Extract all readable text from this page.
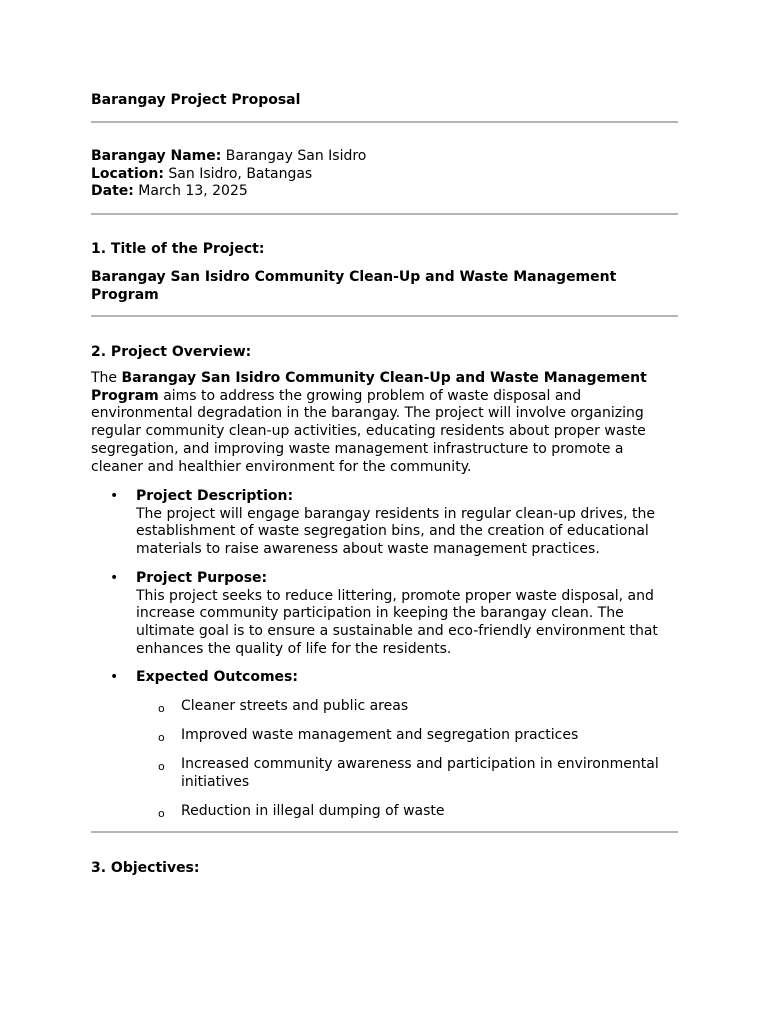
Barangay Project Proposal
Barangay Name: Barangay San Isidro
Location: San Isidro, Batangas
Date: March 13, 2025
1. Title of the Project:
Barangay San Isidro Community Clean-Up and Waste Management Program
2. Project Overview:
The Barangay San Isidro Community Clean-Up and Waste Management Program aims to address the growing problem of waste disposal and environmental degradation in the barangay. The project will involve organizing regular community clean-up activities, educating residents about proper waste segregation, and improving waste management infrastructure to promote a cleaner and healthier environment for the community.
• Project Description:
The project will engage barangay residents in regular clean-up drives, the establishment of waste segregation bins, and the creation of educational materials to raise awareness about waste management practices.
• Project Purpose:
This project seeks to reduce littering, promote proper waste disposal, and increase community participation in keeping the barangay clean. The ultimate goal is to ensure a sustainable and eco-friendly environment that enhances the quality of life for the residents.
• Expected Outcomes:
o Cleaner streets and public areas
o Improved waste management and segregation practices
o Increased community awareness and participation in environmental initiatives
o Reduction in illegal dumping of waste
3. Objectives:
